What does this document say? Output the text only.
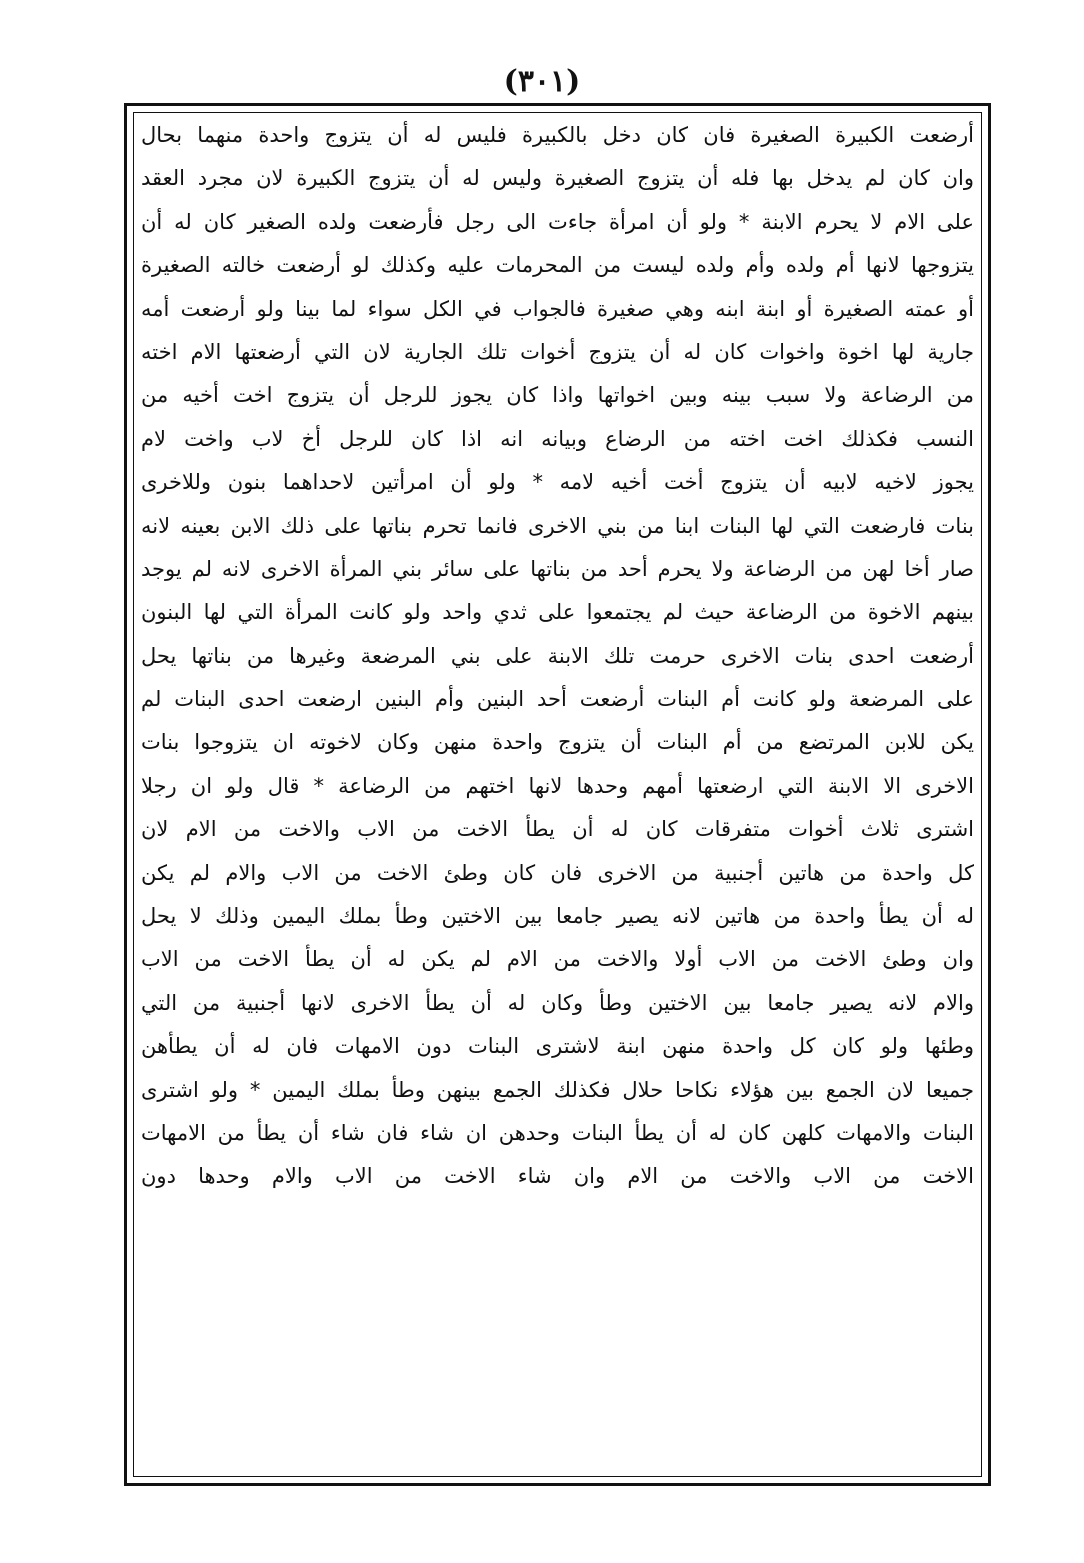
(٣٠١)
أرضعت الكبيرة الصغيرة فان كان دخل بالكبيرة فليس له أن يتزوج واحدة منهما بحال
وان كان لم يدخل بها فله أن يتزوج الصغيرة وليس له أن يتزوج الكبيرة لان مجرد العقد
على الام لا يحرم الابنة * ولو أن امرأة جاءت الى رجل فأرضعت ولده الصغير كان له أن
يتزوجها لانها أم ولده وأم ولده ليست من المحرمات عليه وكذلك لو أرضعت خالته الصغيرة
أو عمته الصغيرة أو ابنة ابنه وهي صغيرة فالجواب في الكل سواء لما بينا ولو أرضعت أمه
جارية لها اخوة واخوات كان له أن يتزوج أخوات تلك الجارية لان التي أرضعتها الام اخته
من الرضاعة ولا سبب بينه وبين اخواتها واذا كان يجوز للرجل أن يتزوج اخت أخيه من
النسب فكذلك اخت اخته من الرضاع وبيانه انه اذا كان للرجل أخ لاب واخت لام
يجوز لاخيه لابيه أن يتزوج أخت أخيه لامه * ولو أن امرأتين لاحداهما بنون وللاخرى
بنات فارضعت التي لها البنات ابنا من بني الاخرى فانما تحرم بناتها على ذلك الابن بعينه لانه
صار أخا لهن من الرضاعة ولا يحرم أحد من بناتها على سائر بني المرأة الاخرى لانه لم يوجد
بينهم الاخوة من الرضاعة حيث لم يجتمعوا على ثدي واحد ولو كانت المرأة التي لها البنون
أرضعت احدى بنات الاخرى حرمت تلك الابنة على بني المرضعة وغيرها من بناتها يحل
على المرضعة ولو كانت أم البنات أرضعت أحد البنين وأم البنين ارضعت احدى البنات لم
يكن للابن المرتضع من أم البنات أن يتزوج واحدة منهن وكان لاخوته ان يتزوجوا بنات
الاخرى الا الابنة التي ارضعتها أمهم وحدها لانها اختهم من الرضاعة * قال ولو ان رجلا
اشترى ثلاث أخوات متفرقات كان له أن يطأ الاخت من الاب والاخت من الام لان
كل واحدة من هاتين أجنبية من الاخرى فان كان وطئ الاخت من الاب والام لم يكن
له أن يطأ واحدة من هاتين لانه يصير جامعا بين الاختين وطأ بملك اليمين وذلك لا يحل
وان وطئ الاخت من الاب أولا والاخت من الام لم يكن له أن يطأ الاخت من الاب
والام لانه يصير جامعا بين الاختين وطأ وكان له أن يطأ الاخرى لانها أجنبية من التي
وطئها ولو كان كل واحدة منهن ابنة لاشترى البنات دون الامهات فان له أن يطأهن
جميعا لان الجمع بين هؤلاء نكاحا حلال فكذلك الجمع بينهن وطأ بملك اليمين * ولو اشترى
البنات والامهات كلهن كان له أن يطأ البنات وحدهن ان شاء فان شاء أن يطأ من الامهات
الاخت من الاب والاخت من الام وان شاء الاخت من الاب والام وحدها دون
